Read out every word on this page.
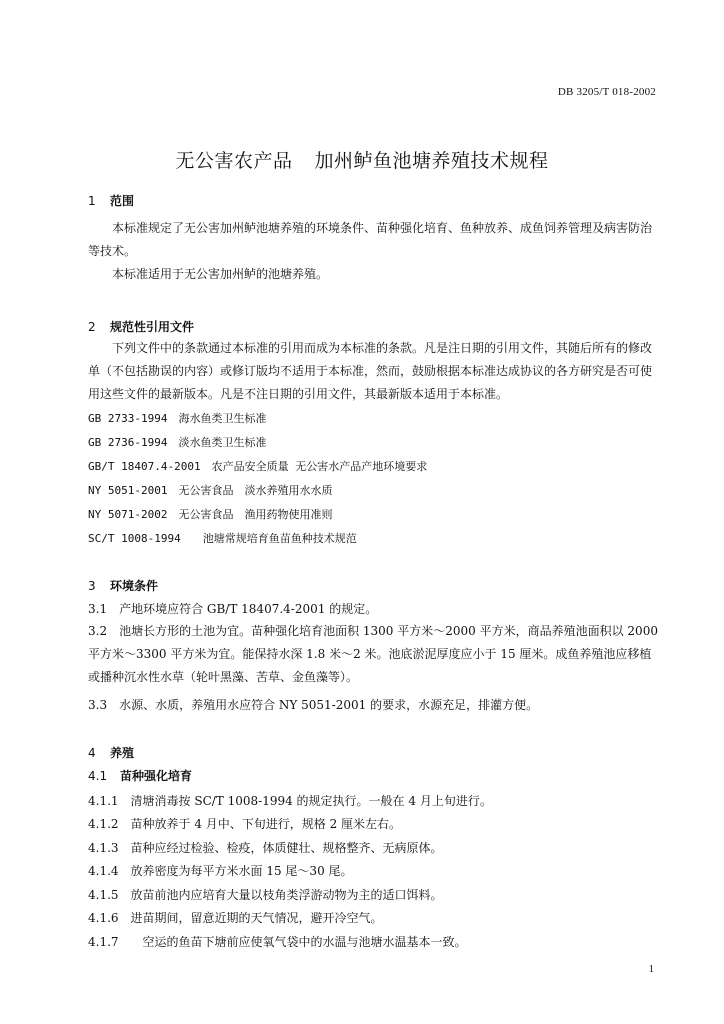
DB 3205/T 018-2002
无公害农产品 加州鲈鱼池塘养殖技术规程
1 范围
本标准规定了无公害加州鲈池塘养殖的环境条件、苗种强化培育、鱼种放养、成鱼饲养管理及病害防治等技术。
本标准适用于无公害加州鲈的池塘养殖。
2 规范性引用文件
下列文件中的条款通过本标准的引用而成为本标准的条款。凡是注日期的引用文件，其随后所有的修改单（不包括勘误的内容）或修订版均不适用于本标准，然而，鼓励根据本标准达成协议的各方研究是否可使用这些文件的最新版本。凡是不注日期的引用文件，其最新版本适用于本标准。
GB 2733-1994　海水鱼类卫生标准
GB 2736-1994　淡水鱼类卫生标准
GB/T 18407.4-2001　农产品安全质量 无公害水产品产地环境要求
NY 5051-2001　无公害食品　淡水养殖用水水质
NY 5071-2002　无公害食品　渔用药物使用准则
SC/T 1008-1994　　池塘常规培育鱼苗鱼种技术规范
3 环境条件
3.1　产地环境应符合 GB/T 18407.4-2001 的规定。
3.2　池塘长方形的土池为宜。苗种强化培育池面积 1300 平方米～2000 平方米，商品养殖池面积以 2000 平方米～3300 平方米为宜。能保持水深 1.8 米～2 米。池底淤泥厚度应小于 15 厘米。成鱼养殖池应移植或播种沉水性水草（轮叶黑藻、苦草、金鱼藻等）。
3.3　水源、水质，养殖用水应符合 NY 5051-2001 的要求，水源充足，排灌方便。
4 养殖
4.1 苗种强化培育
4.1.1　清塘消毒按 SC/T 1008-1994 的规定执行。一般在 4 月上旬进行。
4.1.2　苗种放养于 4 月中、下旬进行，规格 2 厘米左右。
4.1.3　苗种应经过检验、检疫，体质健壮、规格整齐、无病原体。
4.1.4　放养密度为每平方米水面 15 尾～30 尾。
4.1.5　放苗前池内应培育大量以枝角类浮游动物为主的适口饵料。
4.1.6　进苗期间，留意近期的天气情况，避开冷空气。
4.1.7　　空运的鱼苗下塘前应使氧气袋中的水温与池塘水温基本一致。
1
